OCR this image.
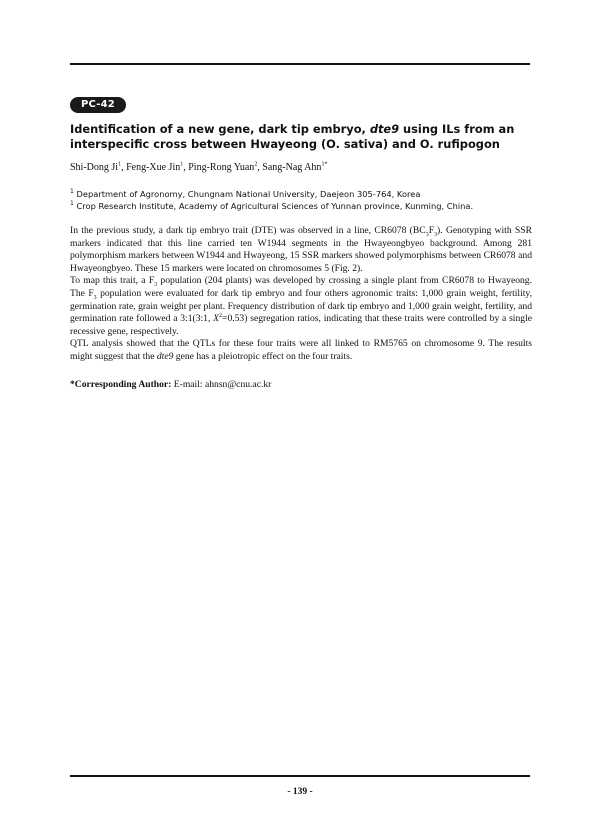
PC-42
Identification of a new gene, dark tip embryo, dte9 using ILs from an interspecific cross between Hwayeong (O. sativa) and O. rufipogon
Shi-Dong Ji$^1$, Feng-Xue Jin$^1$, Ping-Rong Yuan$^2$, Sang-Nag Ahn$^{1*}$
$^1$ Department of Agronomy, Chungnam National University, Daejeon 305-764, Korea
$^1$ Crop Research Institute, Academy of Agricultural Sciences of Yunnan province, Kunming, China.

In the previous study, a dark tip embryo trait (DTE) was observed in a line, CR6078 $(BC_3F_3)$. Genotyping with SSR markers indicated that this line carried ten W1944 segments in the Hwayeongbyeo background. Among 281 polymorphism markers between W1944 and Hwayeong, 15 SSR markers showed polymorphisms between CR6078 and Hwayeongbyeo. These 15 markers were located on chromosomes 5 (Fig. 2).

To map this trait, a $F_3$ population (204 plants) was developed by crossing a single plant from CR6078 to Hwayeong. The $F_3$ population were evaluated for dark tip embryo and four others agronomic traits: 1,000 grain weight, fertility, germination rate, grain weight per plant. Frequency distribution of dark tip embryo and 1,000 grain weight, fertility, and germination rate followed a 3:1(3:1, $X^2=0.53$) segregation ratios, indicating that these traits were controlled by a single recessive gene, respectively.

QTL analysis showed that the QTLs for these four traits were all linked to RM5765 on chromosome 9. The results might suggest that the dte9 gene has a pleiotropic effect on the four traits.

*Corresponding Author: E-mail: ahnsn@cnu.ac.kr
- 139 -
